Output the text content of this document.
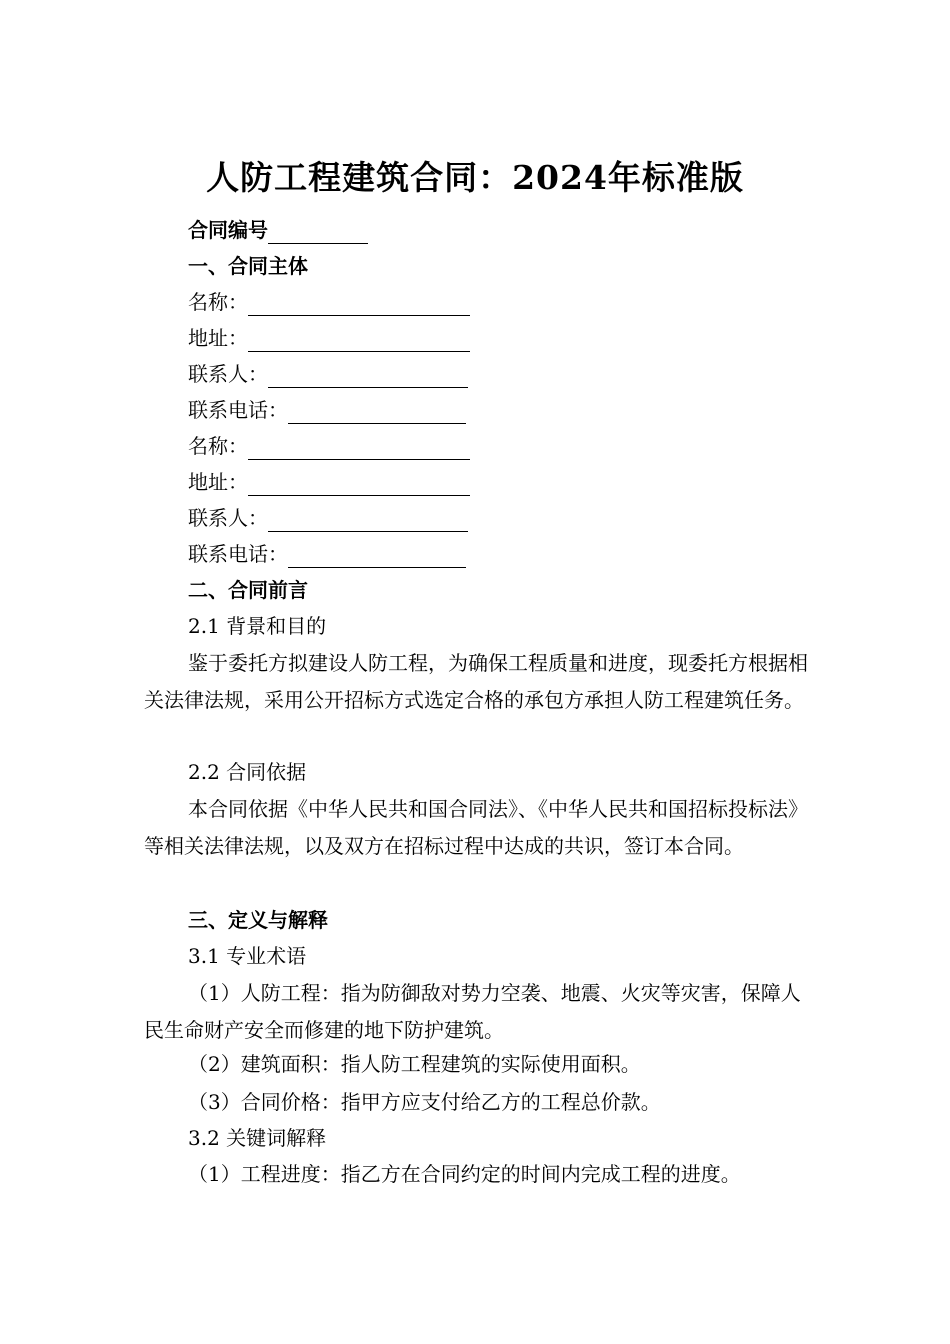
人防工程建筑合同：2024年标准版
合同编号
一、合同主体
名称：
地址：
联系人：
联系电话：
名称：
地址：
联系人：
联系电话：
二、合同前言
2.1 背景和目的
鉴于委托方拟建设人防工程，为确保工程质量和进度，现委托方根据相关法律法规，采用公开招标方式选定合格的承包方承担人防工程建筑任务。
2.2 合同依据
本合同依据《中华人民共和国合同法》、《中华人民共和国招标投标法》等相关法律法规，以及双方在招标过程中达成的共识，签订本合同。
三、定义与解释
3.1 专业术语
（1）人防工程：指为防御敌对势力空袭、地震、火灾等灾害，保障人民生命财产安全而修建的地下防护建筑。
（2）建筑面积：指人防工程建筑的实际使用面积。
（3）合同价格：指甲方应支付给乙方的工程总价款。
3.2 关键词解释
（1）工程进度：指乙方在合同约定的时间内完成工程的进度。
